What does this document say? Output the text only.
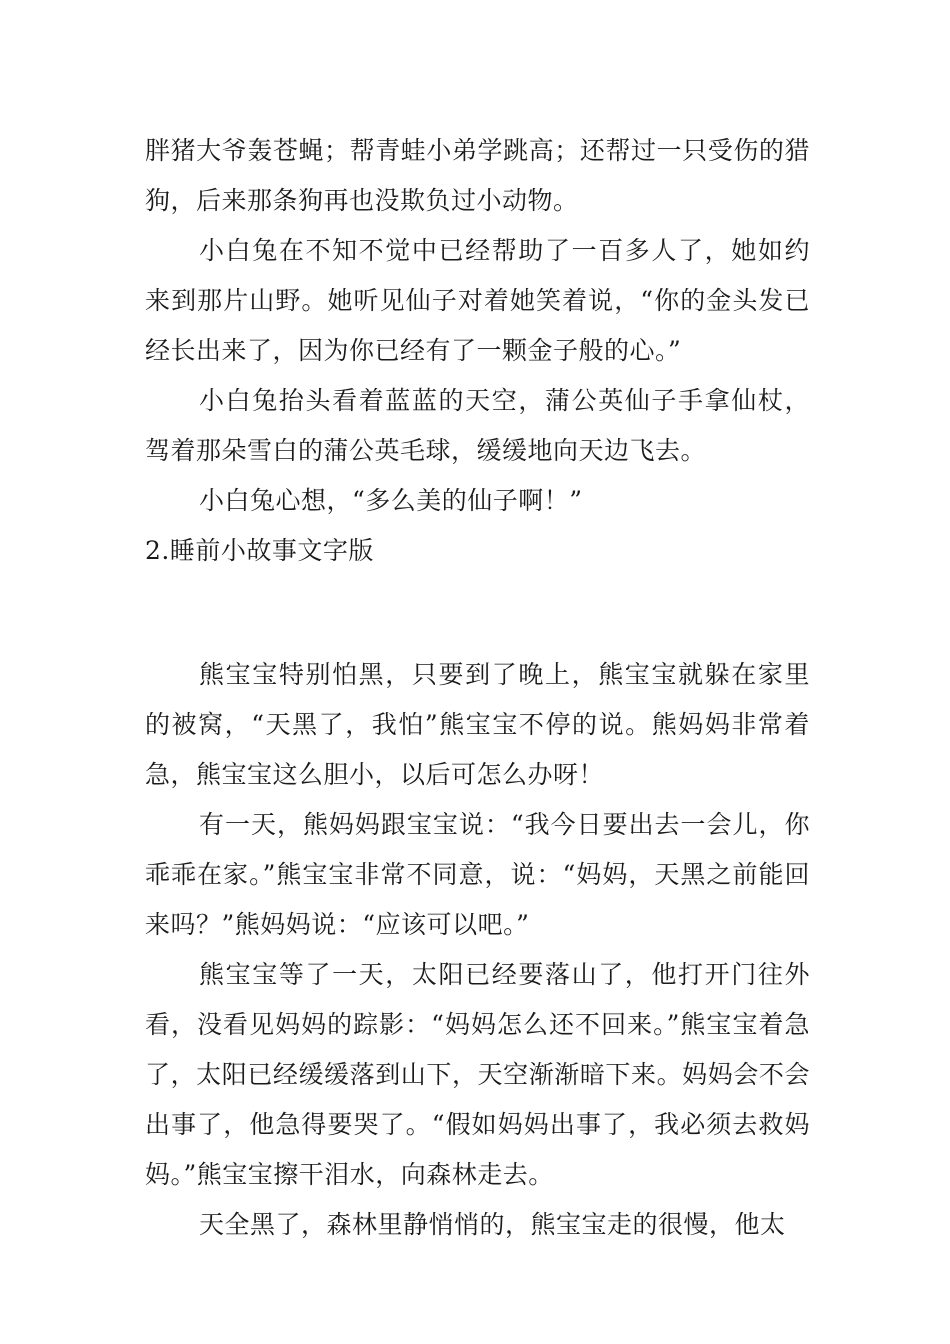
胖猪大爷轰苍蝇；帮青蛙小弟学跳高；还帮过一只受伤的猎狗，后来那条狗再也没欺负过小动物。

小白兔在不知不觉中已经帮助了一百多人了，她如约来到那片山野。她听见仙子对着她笑着说，“你的金头发已经长出来了，因为你已经有了一颗金子般的心。”

小白兔抬头看着蓝蓝的天空，蒲公英仙子手拿仙杖，驾着那朵雪白的蒲公英毛球，缓缓地向天边飞去。

小白兔心想，“多么美的仙子啊！”

2.睡前小故事文字版

熊宝宝特别怕黑，只要到了晚上，熊宝宝就躲在家里的被窝，“天黑了，我怕”熊宝宝不停的说。熊妈妈非常着急，熊宝宝这么胆小，以后可怎么办呀！

有一天，熊妈妈跟宝宝说：“我今日要出去一会儿，你乖乖在家。”熊宝宝非常不同意，说：“妈妈，天黑之前能回来吗？”熊妈妈说：“应该可以吧。”

熊宝宝等了一天，太阳已经要落山了，他打开门往外看，没看见妈妈的踪影：“妈妈怎么还不回来。”熊宝宝着急了，太阳已经缓缓落到山下，天空渐渐暗下来。妈妈会不会出事了，他急得要哭了。“假如妈妈出事了，我必须去救妈妈。”熊宝宝擦干泪水，向森林走去。

天全黑了，森林里静悄悄的，熊宝宝走的很慢，他太
